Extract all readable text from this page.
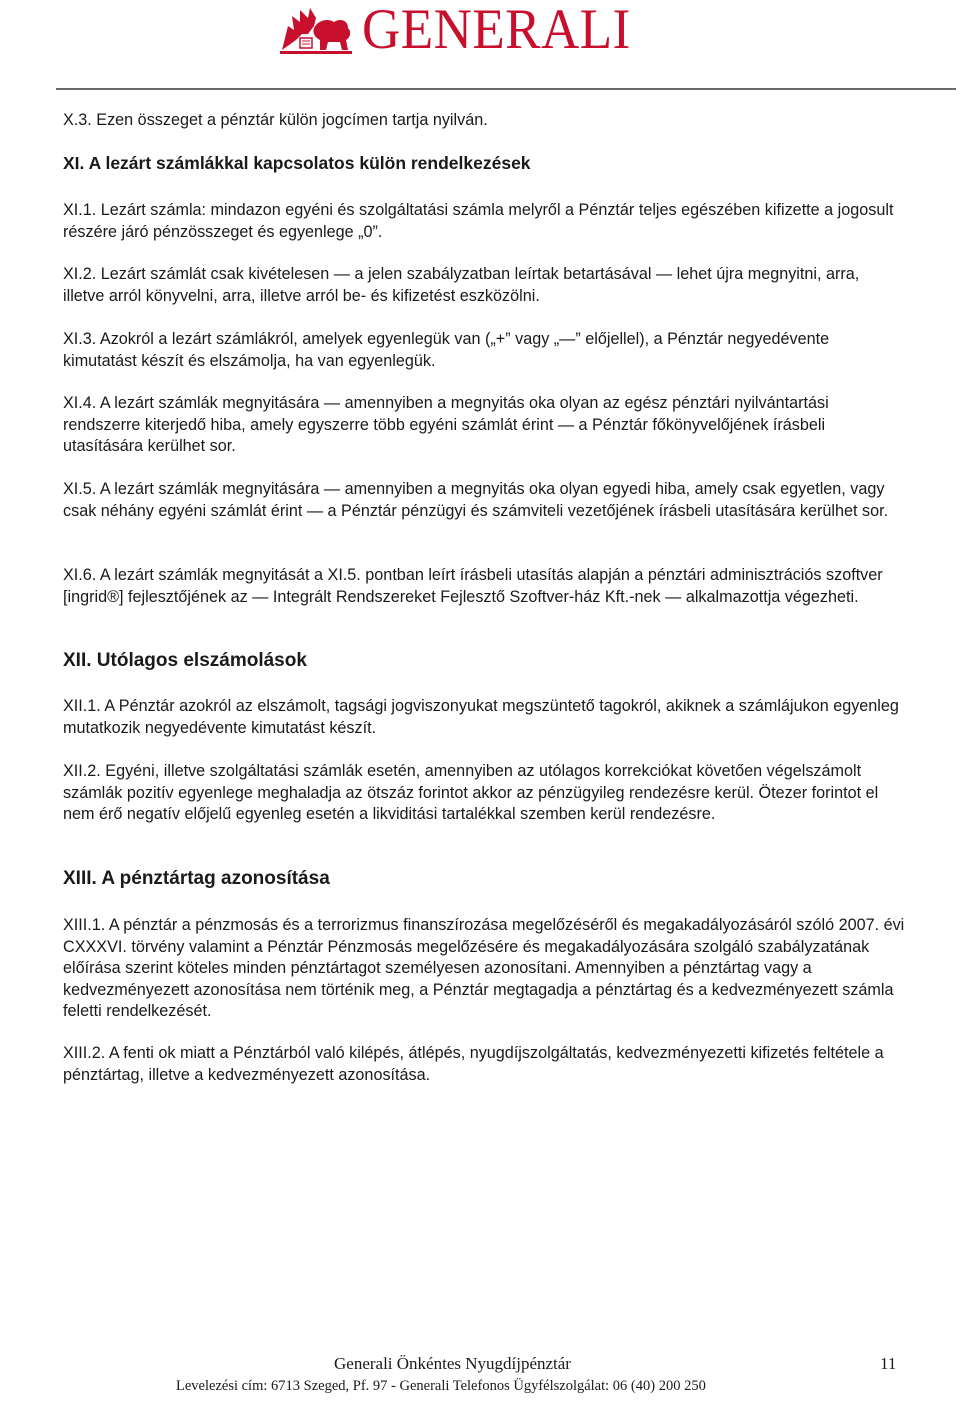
GENERALI

X.3. Ezen összeget a pénztár külön jogcímen tartja nyilván.

XI. A lezárt számlákkal kapcsolatos külön rendelkezések

XI.1. Lezárt számla: mindazon egyéni és szolgáltatási számla melyről a Pénztár teljes egészében kifizette a jogosult részére járó pénzösszeget és egyenlege „0”.

XI.2. Lezárt számlát csak kivételesen — a jelen szabályzatban leírtak betartásával — lehet újra megnyitni, arra, illetve arról könyvelni, arra, illetve arról be- és kifizetést eszközölni.

XI.3. Azokról a lezárt számlákról, amelyek egyenlegük van („+” vagy „—” előjellel), a Pénztár negyedévente kimutatást készít és elszámolja, ha van egyenlegük.

XI.4. A lezárt számlák megnyitására — amennyiben a megnyitás oka olyan az egész pénztári nyilvántartási rendszerre kiterjedő hiba, amely egyszerre több egyéni számlát érint — a Pénztár főkönyvelőjének írásbeli utasítására kerülhet sor.

XI.5. A lezárt számlák megnyitására — amennyiben a megnyitás oka olyan egyedi hiba, amely csak egyetlen, vagy csak néhány egyéni számlát érint — a Pénztár pénzügyi és számviteli vezetőjének írásbeli utasítására kerülhet sor.

XI.6. A lezárt számlák megnyitását a XI.5. pontban leírt írásbeli utasítás alapján a pénztári adminisztrációs szoftver [ingrid®] fejlesztőjének az — Integrált Rendszereket Fejlesztő Szoftver-ház Kft.-nek — alkalmazottja végezheti.

XII. Utólagos elszámolások

XII.1. A Pénztár azokról az elszámolt, tagsági jogviszonyukat megszüntető tagokról, akiknek a számlájukon egyenleg mutatkozik negyedévente kimutatást készít.

XII.2. Egyéni, illetve szolgáltatási számlák esetén, amennyiben az utólagos korrekciókat követően végelszámolt számlák pozitív egyenlege meghaladja az ötszáz forintot akkor az pénzügyileg rendezésre kerül. Ötezer forintot el nem érő negatív előjelű egyenleg esetén a likviditási tartalékkal szemben kerül rendezésre.

XIII. A pénztártag azonosítása

XIII.1. A pénztár a pénzmosás és a terrorizmus finanszírozása megelőzéséről és megakadályozásáról szóló 2007. évi CXXXVI. törvény valamint a Pénztár Pénzmosás megelőzésére és megakadályozására szolgáló szabályzatának előírása szerint köteles minden pénztártagot személyesen azonosítani. Amennyiben a pénztártag vagy a kedvezményezett azonosítása nem történik meg, a Pénztár megtagadja a pénztártag és a kedvezményezett számla feletti rendelkezését.

XIII.2. A fenti ok miatt a Pénztárból való kilépés, átlépés, nyugdíjszolgáltatás, kedvezményezetti kifizetés feltétele a pénztártag, illetve a kedvezményezett azonosítása.

Generali Önkéntes Nyugdíjpénztár	11
Levelezési cím: 6713 Szeged, Pf. 97 - Generali Telefonos Ügyfélszolgálat: 06 (40) 200 250
